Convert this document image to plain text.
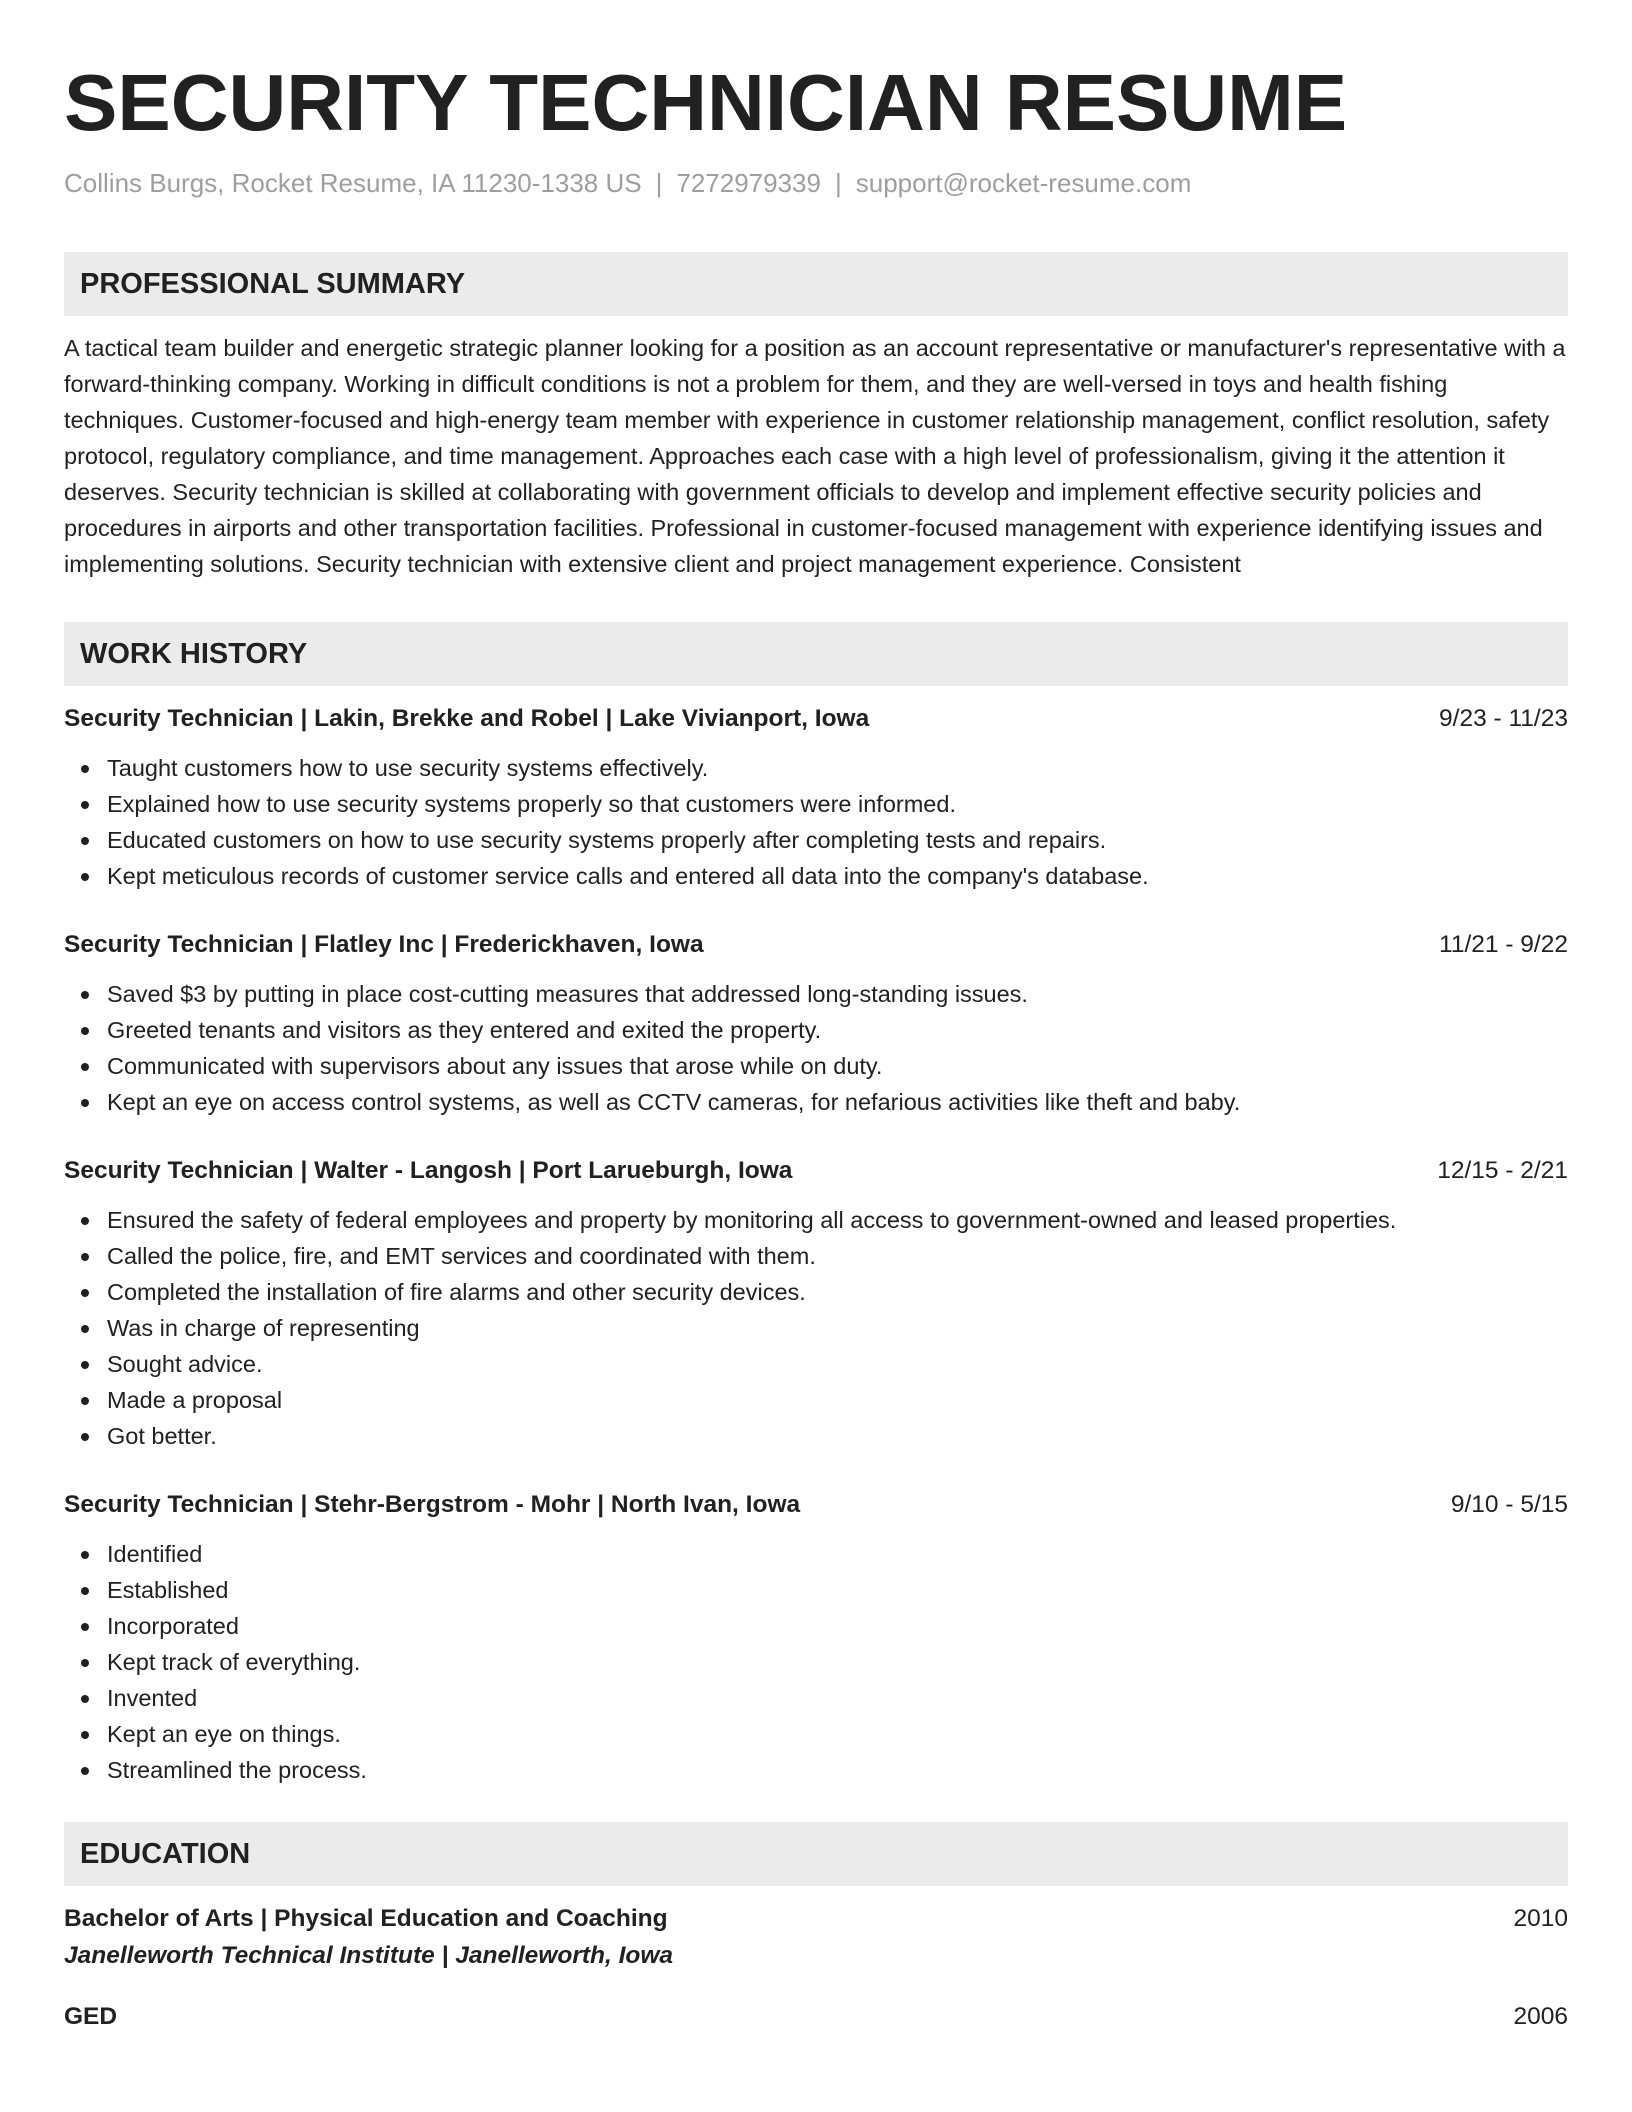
SECURITY TECHNICIAN RESUME
Collins Burgs, Rocket Resume, IA 11230-1338 US | 7272979339 | support@rocket-resume.com
PROFESSIONAL SUMMARY
A tactical team builder and energetic strategic planner looking for a position as an account representative or manufacturer's representative with a forward-thinking company. Working in difficult conditions is not a problem for them, and they are well-versed in toys and health fishing techniques. Customer-focused and high-energy team member with experience in customer relationship management, conflict resolution, safety protocol, regulatory compliance, and time management. Approaches each case with a high level of professionalism, giving it the attention it deserves. Security technician is skilled at collaborating with government officials to develop and implement effective security policies and procedures in airports and other transportation facilities. Professional in customer-focused management with experience identifying issues and implementing solutions. Security technician with extensive client and project management experience. Consistent
WORK HISTORY
Security Technician | Lakin, Brekke and Robel | Lake Vivianport, Iowa	9/23 - 11/23
Taught customers how to use security systems effectively.
Explained how to use security systems properly so that customers were informed.
Educated customers on how to use security systems properly after completing tests and repairs.
Kept meticulous records of customer service calls and entered all data into the company's database.
Security Technician | Flatley Inc | Frederickhaven, Iowa	11/21 - 9/22
Saved $3 by putting in place cost-cutting measures that addressed long-standing issues.
Greeted tenants and visitors as they entered and exited the property.
Communicated with supervisors about any issues that arose while on duty.
Kept an eye on access control systems, as well as CCTV cameras, for nefarious activities like theft and baby.
Security Technician | Walter - Langosh | Port Larueburgh, Iowa	12/15 - 2/21
Ensured the safety of federal employees and property by monitoring all access to government-owned and leased properties.
Called the police, fire, and EMT services and coordinated with them.
Completed the installation of fire alarms and other security devices.
Was in charge of representing
Sought advice.
Made a proposal
Got better.
Security Technician | Stehr-Bergstrom - Mohr | North Ivan, Iowa	9/10 - 5/15
Identified
Established
Incorporated
Kept track of everything.
Invented
Kept an eye on things.
Streamlined the process.
EDUCATION
Bachelor of Arts | Physical Education and Coaching	2010
Janelleworth Technical Institute | Janelleworth, Iowa
GED	2006
